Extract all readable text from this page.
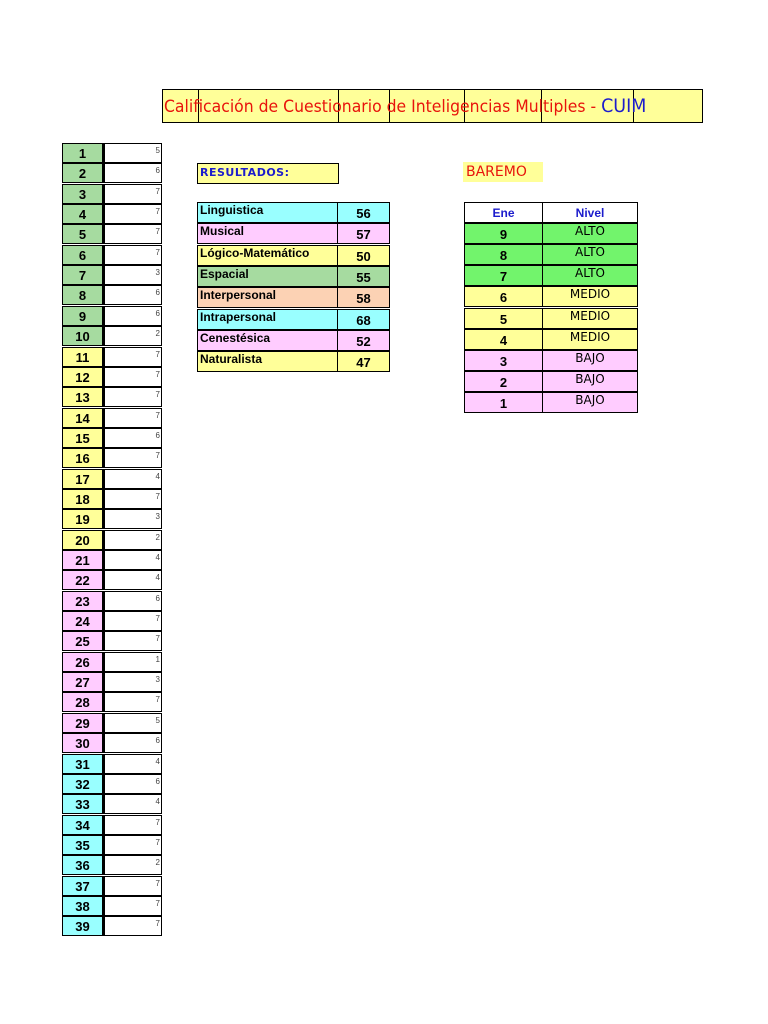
Calificación de Cuestionario de Inteligencias Multiples - CUIM
1	5
2	6
3	7
4	7
5	7
6	7
7	3
8	6
9	6
10	2
11	7
12	7
13	7
14	7
15	6
16	7
17	4
18	7
19	3
20	2
21	4
22	4
23	6
24	7
25	7
26	1
27	3
28	7
29	5
30	6
31	4
32	6
33	4
34	7
35	7
36	2
37	7
38	7
39	7
RESULTADOS:
Linguistica	56
Musical	57
Lógico-Matemático	50
Espacial	55
Interpersonal	58
Intrapersonal	68
Cenestésica	52
Naturalista	47
BAREMO
Ene	Nivel
9	ALTO
8	ALTO
7	ALTO
6	MEDIO
5	MEDIO
4	MEDIO
3	BAJO
2	BAJO
1	BAJO
